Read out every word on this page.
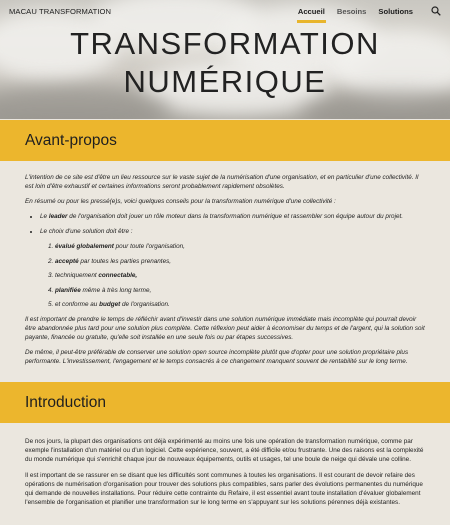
MACAU TRANSFORMATION	Accueil Besoins Solutions
TRANSFORMATION
NUMÉRIQUE
Avant-propos

L'intention de ce site est d'être un lieu ressource sur le vaste sujet de la numérisation d'une organisation, et en particulier d'une collectivité. Il est loin d'être exhaustif et certaines informations seront probablement rapidement obsolètes.

En résumé ou pour les pressé(e)s, voici quelques conseils pour la transformation numérique d'une collectivité :

• Le leader de l'organisation doit jouer un rôle moteur dans la transformation numérique et rassembler son équipe autour du projet.
• Le choix d'une solution doit être :
1. évalué globalement pour toute l'organisation,
2. accepté par toutes les parties prenantes,
3. techniquement connectable,
4. planifiée même à très long terme,
5. et conforme au budget de l'organisation.

Il est important de prendre le temps de réfléchir avant d'investir dans une solution numérique immédiate mais incomplète qui pourrait devoir être abandonnée plus tard pour une solution plus complète. Cette réflexion peut aider à économiser du temps et de l'argent, qui la solution soit payante, financée ou gratuite, qu'elle soit installée en une seule fois ou par étapes successives.

De même, il peut-être préférable de conserver une solution open source incomplète plutôt que d'opter pour une solution propriétaire plus performante. L'investissement, l'engagement et le temps consacrés à ce changement manquent souvent de rentabilité sur le long terme.

Introduction

De nos jours, la plupart des organisations ont déjà expérimenté au moins une fois une opération de transformation numérique, comme par exemple l'installation d'un matériel ou d'un logiciel. Cette expérience, souvent, a été difficile et/ou frustrante. Une des raisons est la complexité du monde numérique qui s'enrichit chaque jour de nouveaux équipements, outils et usages, tel une boule de neige qui dévale une colline.

Il est important de se rassurer en se disant que les difficultés sont communes à toutes les organisations. Il est courant de devoir refaire des opérations de numérisation d'organisation pour trouver des solutions plus compatibles, sans parler des évolutions permanentes du numérique qui demande de nouvelles installations. Pour réduire cette contrainte du Refaire, il est essentiel avant toute installation d'évaluer globalement l'ensemble de l'organisation et planifier une transformation sur le long terme en s'appuyant sur les solutions pérennes déjà existantes.
